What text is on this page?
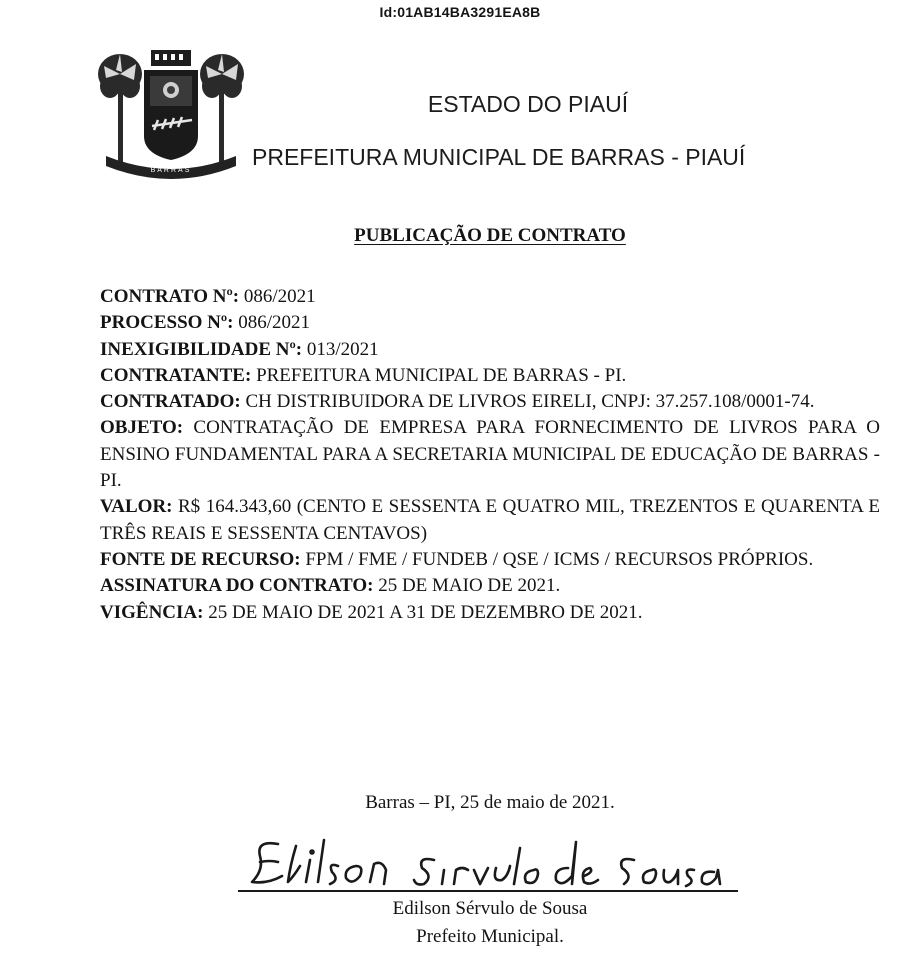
Id:01AB14BA3291EA8B
BARRAS
ESTADO DO PIAUÍ
PREFEITURA MUNICIPAL DE BARRAS - PIAUÍ
PUBLICAÇÃO DE CONTRATO

CONTRATO Nº: 086/2021

PROCESSO Nº: 086/2021

INEXIGIBILIDADE Nº: 013/2021

CONTRATANTE: PREFEITURA MUNICIPAL DE BARRAS - PI.

CONTRATADO: CH DISTRIBUIDORA DE LIVROS EIRELI, CNPJ: 37.257.108/0001-74.

OBJETO: CONTRATAÇÃO DE EMPRESA PARA FORNECIMENTO DE LIVROS PARA O ENSINO FUNDAMENTAL PARA A SECRETARIA MUNICIPAL DE EDUCAÇÃO DE BARRAS - PI.

VALOR: R$ 164.343,60 (CENTO E SESSENTA E QUATRO MIL, TREZENTOS E QUARENTA E TRÊS REAIS E SESSENTA CENTAVOS)

FONTE DE RECURSO: FPM / FME / FUNDEB / QSE / ICMS / RECURSOS PRÓPRIOS.

ASSINATURA DO CONTRATO: 25 DE MAIO DE 2021.

VIGÊNCIA: 25 DE MAIO DE 2021 A 31 DE DEZEMBRO DE 2021.

Barras – PI, 25 de maio de 2021.
Edilson Sérvulo de Sousa
Prefeito Municipal.
